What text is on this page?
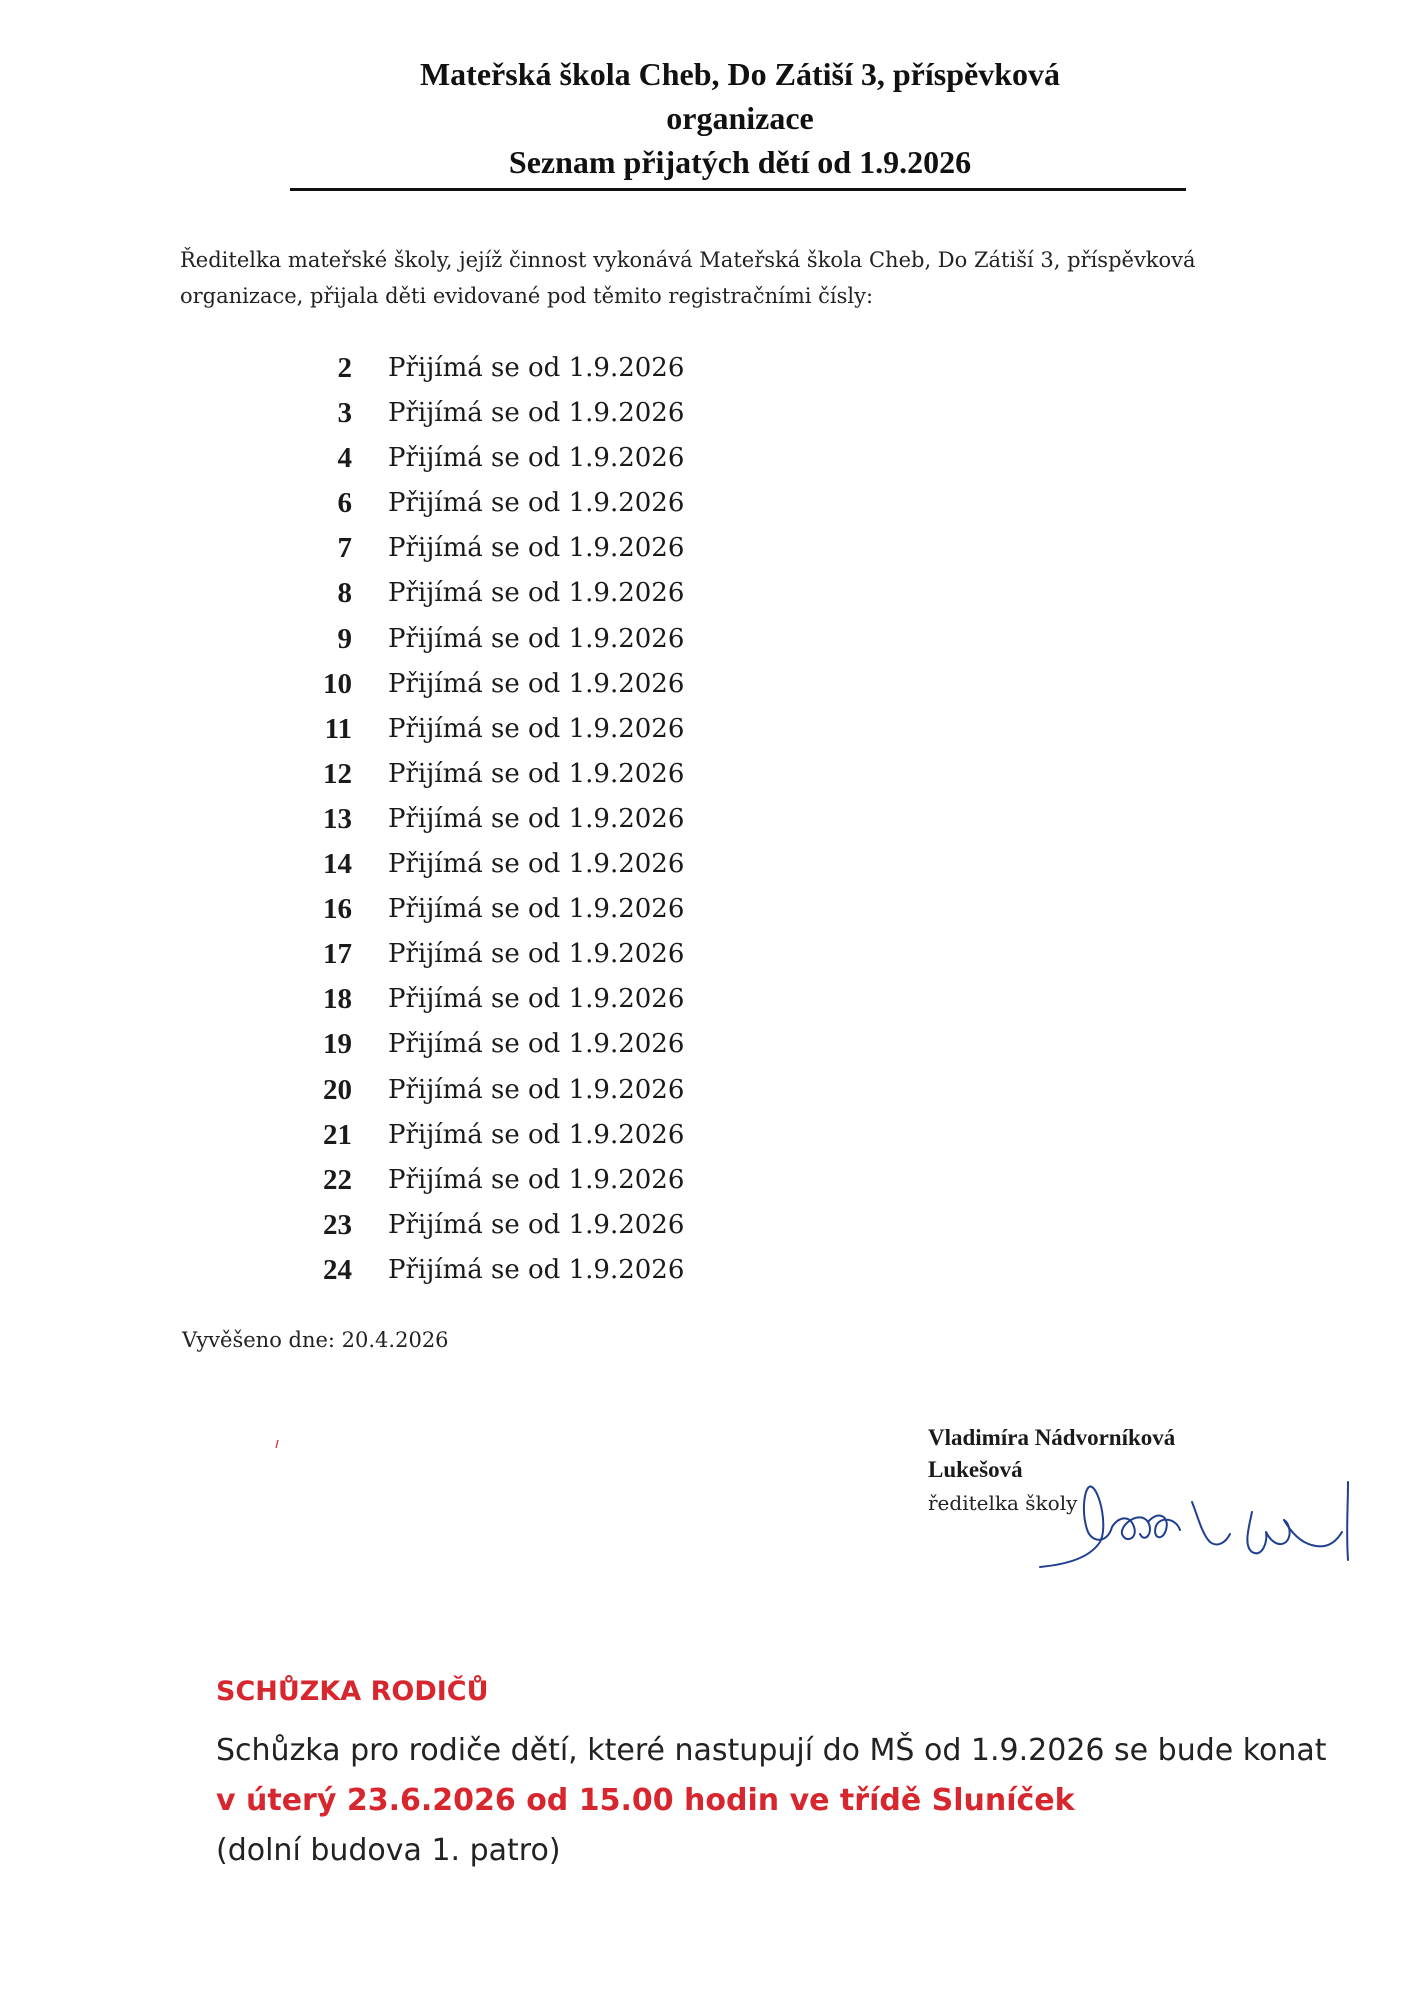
Mateřská škola Cheb, Do Zátiší 3, příspěvková
organizace
Seznam přijatých dětí od 1.9.2026
Ředitelka mateřské školy, jejíž činnost vykonává Mateřská škola Cheb, Do Zátiší 3, příspěvková organizace, přijala děti evidované pod těmito registračními čísly:
2 Přijímá se od 1.9.2026
3 Přijímá se od 1.9.2026
4 Přijímá se od 1.9.2026
6 Přijímá se od 1.9.2026
7 Přijímá se od 1.9.2026
8 Přijímá se od 1.9.2026
9 Přijímá se od 1.9.2026
10 Přijímá se od 1.9.2026
11 Přijímá se od 1.9.2026
12 Přijímá se od 1.9.2026
13 Přijímá se od 1.9.2026
14 Přijímá se od 1.9.2026
16 Přijímá se od 1.9.2026
17 Přijímá se od 1.9.2026
18 Přijímá se od 1.9.2026
19 Přijímá se od 1.9.2026
20 Přijímá se od 1.9.2026
21 Přijímá se od 1.9.2026
22 Přijímá se od 1.9.2026
23 Přijímá se od 1.9.2026
24 Přijímá se od 1.9.2026
Vyvěšeno dne: 20.4.2026
Vladimíra Nádvorníková
Lukešová
ředitelka školy
SCHŮZKA RODIČŮ
Schůzka pro rodiče dětí, které nastupují do MŠ od 1.9.2026 se bude konat v úterý 23.6.2026 od 15.00 hodin ve třídě Sluníček
(dolní budova 1. patro)
